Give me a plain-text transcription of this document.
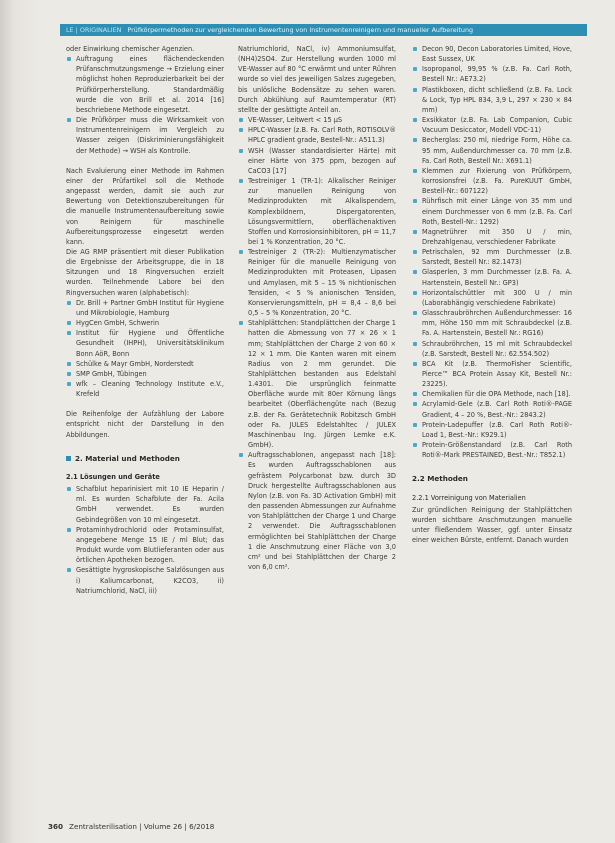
LE | ORIGINALIEN Prüfkörpermethoden zur vergleichenden Bewertung von Instrumentenreinigern und manueller Aufbereitung

oder Einwirkung chemischer Agenzien.

Auftragung eines flächendeckenden Prüfanschmutzungsmenge → Erzielung einer möglichst hohen Reproduzierbarkeit bei der Prüfkörperherstellung. Standardmäßig wurde die von Brill et al. 2014 [16] beschriebene Methode eingesetzt.

Die Prüfkörper muss die Wirksamkeit von Instrumentenreinigern im Vergleich zu Wasser zeigen (Diskriminierungsfähigkeit der Methode) → WSH als Kontrolle.

Nach Evaluierung einer Methode im Rahmen einer der Prüfartikel soll die Methode angepasst werden, damit sie auch zur Bewertung von Detektionszubereitungen für die manuelle Instrumentenaufbereitung sowie von Reinigern für maschinelle Aufbereitungsprozesse eingesetzt werden kann.

Die AG RMP präsentiert mit dieser Publikation die Ergebnisse der Arbeitsgruppe, die in 18 Sitzungen und 18 Ringversuchen erzielt wurden. Teilnehmende Labore bei den Ringversuchen waren (alphabetisch):

Dr. Brill + Partner GmbH Institut für Hygiene und Mikrobiologie, Hamburg

HygCen GmbH, Schwerin

Institut für Hygiene und Öffentliche Gesundheit (IHPH), Universitätsklinikum Bonn AöR, Bonn

Schülke & Mayr GmbH, Norderstedt

SMP GmbH, Tübingen

wfk – Cleaning Technology Institute e.V., Krefeld

Die Reihenfolge der Aufzählung der Labore entspricht nicht der Darstellung in den Abbildungen.

2. Material und Methoden
2.1 Lösungen und Geräte

Schafblut heparinisiert mit 10 IE Heparin / ml. Es wurden Schafblute der Fa. Acila GmbH verwendet. Es wurden Gebindegrößen von 10 ml eingesetzt.

Protaminhydrochlorid oder Protaminsulfat, angegebene Menge 15 IE / ml Blut; das Produkt wurde vom Blutlieferanten oder aus örtlichen Apotheken bezogen.

Gesättigte hygroskopische Salzlösungen aus i) Kaliumcarbonat, K2CO3, ii) Natriumchlorid, NaCl, iii)

Natriumchlorid, NaCl, iv) Ammoniumsulfat, (NH4)2SO4. Zur Herstellung wurden 1000 ml VE-Wasser auf 80 °C erwärmt und unter Rühren wurde so viel des jeweiligen Salzes zugegeben, bis unlösliche Bodensätze zu sehen waren. Durch Abkühlung auf Raumtemperatur (RT) stellte der gesättigte Anteil an.

VE-Wasser, Leitwert < 15 µS

HPLC-Wasser (z.B. Fa. Carl Roth, ROTISOLV® HPLC gradient grade, Bestell-Nr.: A511.3)

WSH (Wasser standardisierter Härte) mit einer Härte von 375 ppm, bezogen auf CaCO3 [17]

Testreiniger 1 (TR-1): Alkalischer Reiniger zur manuellen Reinigung von Medizinprodukten mit Alkalispendern, Komplexbildnern, Dispergatorenten, Lösungsvermittlern, oberflächenaktiven Stoffen und Korrosionsinhibitoren, pH = 11,7 bei 1 % Konzentration, 20 °C.

Testreiniger 2 (TR-2): Multienzymatischer Reiniger für die manuelle Reinigung von Medizinprodukten mit Proteasen, Lipasen und Amylasen, mit 5 – 15 % nichtionischen Tensiden, < 5 % anionischen Tensiden, Konservierungsmitteln, pH = 8,4 – 8,6 bei 0,5 – 5 % Konzentration, 20 °C.

Stahlplättchen: Standplättchen der Charge 1 hatten die Abmessung von 77 × 26 × 1 mm; Stahlplättchen der Charge 2 von 60 × 12 × 1 mm. Die Kanten waren mit einem Radius von 2 mm gerundet. Die Stahlplättchen bestanden aus Edelstahl 1.4301. Die ursprünglich feinmatte Oberfläche wurde mit 80er Körnung längs bearbeitet (Oberflächengüte nach (Bezug z.B. der Fa. Gerätetechnik Robitzsch GmbH oder Fa. JULES Edelstahltec / JULEX Maschinenbau Ing. Jürgen Lemke e.K. GmbH).

Auftragsschablonen, angepasst nach [18]: Es wurden Auftragsschablonen aus gefrästem Polycarbonat bzw. durch 3D Druck hergestellte Auftragsschablonen aus Nylon (z.B. von Fa. 3D Activation GmbH) mit den passenden Abmessungen zur Aufnahme von Stahlplättchen der Charge 1 und Charge 2 verwendet. Die Auftragsschablonen ermöglichten bei Stahlplättchen der Charge 1 die Anschmutzung einer Fläche von 3,0 cm² und bei Stahlplättchen der Charge 2 von 6,0 cm².

Decon 90, Decon Laboratories Limited, Hove, East Sussex, UK

Isopropanol, 99,95 % (z.B. Fa. Carl Roth, Bestell Nr.: AE73.2)

Plastikboxen, dicht schließend (z.B. Fa. Lock & Lock, Typ HPL 834, 3,9 L, 297 × 230 × 84 mm)

Exsikkator (z.B. Fa. Lab Companion, Cubic Vacuum Desiccator, Modell VDC-11)

Becherglas: 250 ml, niedrige Form, Höhe ca. 95 mm, Außendurchmesser ca. 70 mm (z.B. Fa. Carl Roth, Bestell Nr.: X691.1)

Klemmen zur Fixierung von Prüfkörpern, korrosionsfrei (z.B. Fa. PureKUUT GmbH, Bestell-Nr.: 607122)

Rührfisch mit einer Länge von 35 mm und einem Durchmesser von 6 mm (z.B. Fa. Carl Roth, Bestell-Nr.: 1292)

Magnetrührer mit 350 U / min, Drehzahlgenau, verschiedener Fabrikate

Petrischalen, 92 mm Durchmesser (z.B. Sarstedt, Bestell Nr.: 82.1473)

Glasperlen, 3 mm Durchmesser (z.B. Fa. A. Hartenstein, Bestell Nr.: GP3)

Horizontalschüttler mit 300 U / min (Laborabhängig verschiedene Fabrikate)

Glasschraubröhrchen Außendurchmesser: 16 mm, Höhe 150 mm mit Schraubdeckel (z.B. Fa. A. Hartenstein, Bestell Nr.: RG16)

Schraubröhrchen, 15 ml mit Schraubdeckel (z.B. Sarstedt, Bestell Nr.: 62.554.502)

BCA Kit (z.B. ThermoFisher Scientific, Pierce™ BCA Protein Assay Kit, Bestell Nr.: 23225).

Chemikalien für die OPA Methode, nach [18].

Acrylamid-Gele (z.B. Carl Roth Roti®-PAGE Gradient, 4 – 20 %, Best.-Nr.: 2843.2)

Protein-Ladepuffer (z.B. Carl Roth Roti®-Load 1, Best.-Nr.: K929.1)

Protein-Größenstandard (z.B. Carl Roth Roti®-Mark PRESTAINED, Best.-Nr.: T852.1)

2.2 Methoden
2.2.1 Vorreinigung von Materialien

Zur gründlichen Reinigung der Stahlplättchen wurden sichtbare Anschmutzungen manuelle unter fließendem Wasser, ggf. unter Einsatz einer weichen Bürste, entfernt. Danach wurden

360 Zentralsterilisation | Volume 26 | 6/2018
